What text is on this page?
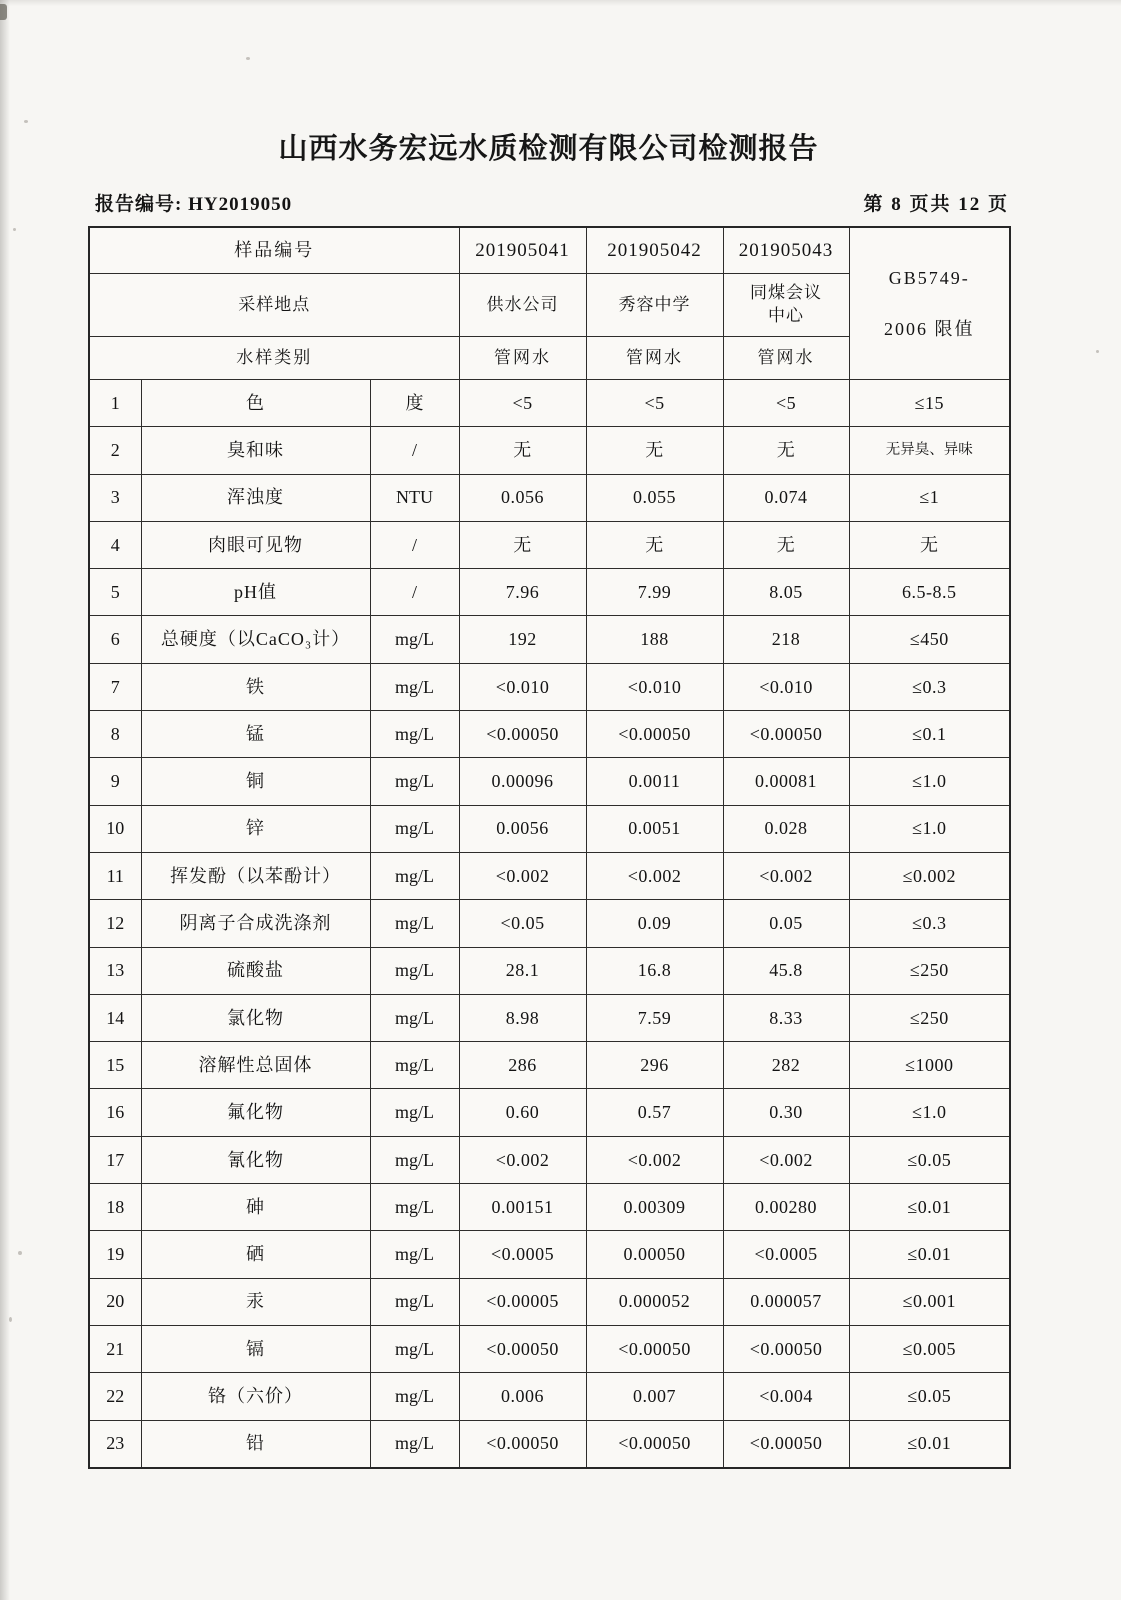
山西水务宏远水质检测有限公司检测报告
报告编号: HY2019050	第 8 页共 12 页
样品编号			201905041	201905042	201905043	GB5749-
2006 限值

采样地点			供水公司	秀容中学	同煤会议中心	

水样类别			管网水	管网水	管网水	
1	色	度	<5	<5	<5	≤15
2	臭和味	/	无	无	无	无异臭、异味
3	浑浊度	NTU	0.056	0.055	0.074	≤1
4	肉眼可见物	/	无	无	无	无
5	pH值	/	7.96	7.99	8.05	6.5-8.5
6	总硬度（以CaCO₃计）	mg/L	192	188	218	≤450
7	铁	mg/L	<0.010	<0.010	<0.010	≤0.3
8	锰	mg/L	<0.00050	<0.00050	<0.00050	≤0.1
9	铜	mg/L	0.00096	0.0011	0.00081	≤1.0
10	锌	mg/L	0.0056	0.0051	0.028	≤1.0
11	挥发酚（以苯酚计）	mg/L	<0.002	<0.002	<0.002	≤0.002
12	阴离子合成洗涤剂	mg/L	<0.05	0.09	0.05	≤0.3
13	硫酸盐	mg/L	28.1	16.8	45.8	≤250
14	氯化物	mg/L	8.98	7.59	8.33	≤250
15	溶解性总固体	mg/L	286	296	282	≤1000
16	氟化物	mg/L	0.60	0.57	0.30	≤1.0
17	氰化物	mg/L	<0.002	<0.002	<0.002	≤0.05
18	砷	mg/L	0.00151	0.00309	0.00280	≤0.01
19	硒	mg/L	<0.0005	0.00050	<0.0005	≤0.01
20	汞	mg/L	<0.00005	0.000052	0.000057	≤0.001
21	镉	mg/L	<0.00050	<0.00050	<0.00050	≤0.005
22	铬（六价）	mg/L	0.006	0.007	<0.004	≤0.05
23	铅	mg/L	<0.00050	<0.00050	<0.00050	≤0.01
